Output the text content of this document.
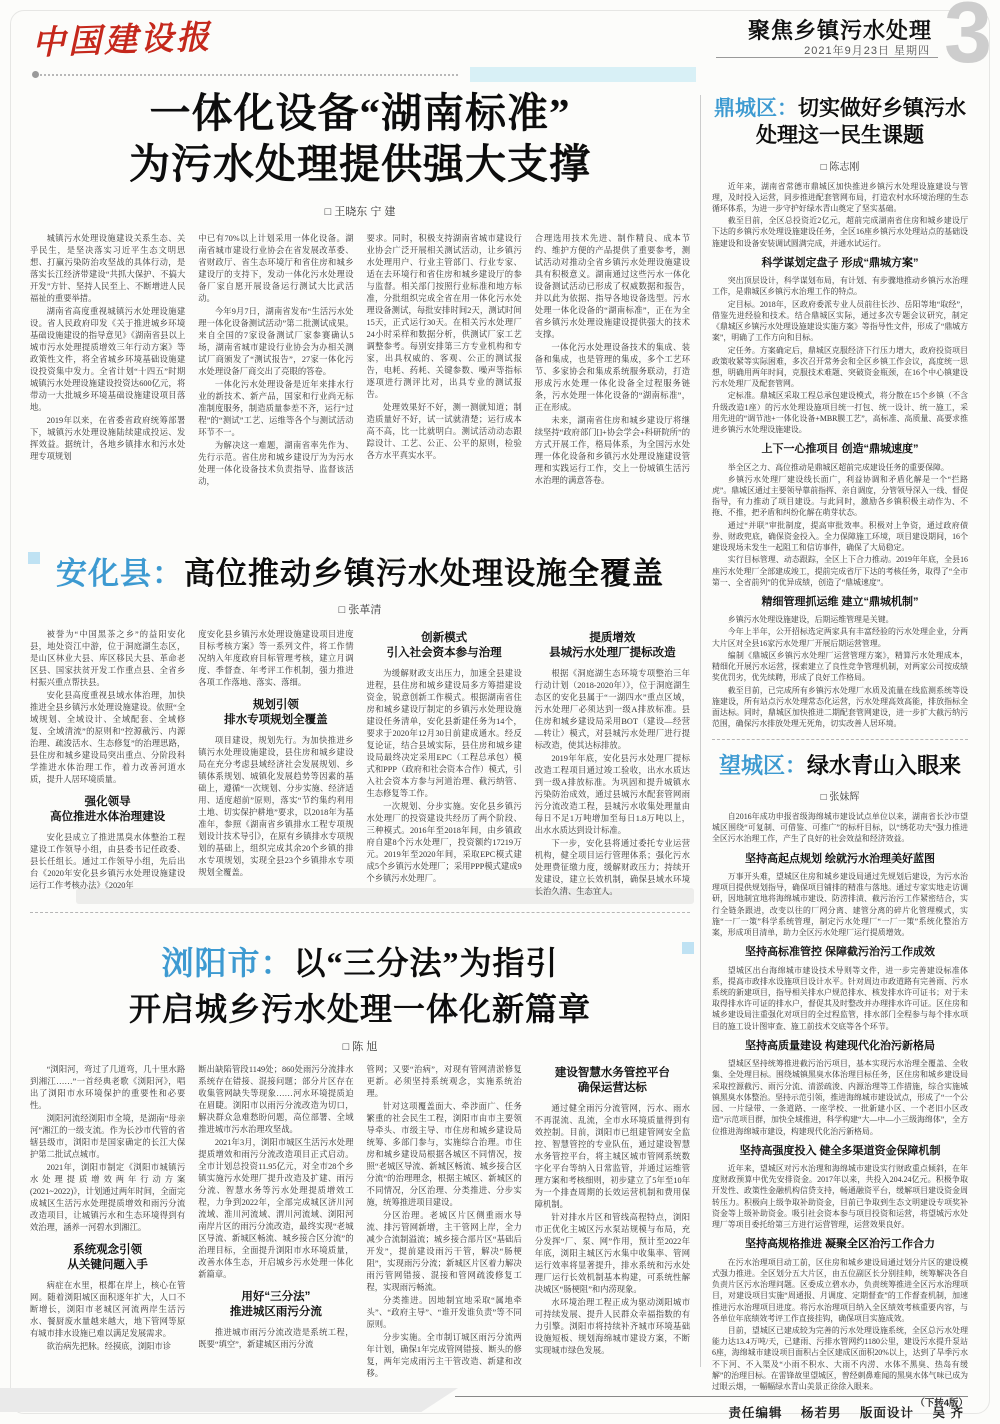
中国建设报	聚焦乡镇污水处理
2021年9月23日 星期四 3
一体化设备“湖南标准”
为污水处理提供强大支撑
□ 王晓东 宁 建

城镇污水处理设施建设关系生态、关乎民生，是坚决落实习近平生态文明思想、打赢污染防治攻坚战的具体行动，是落实长江经济带建设“共抓大保护、不搞大开发”方针、坚持人民至上、不断增进人民福祉的重要举措。

湖南省高度重视城镇污水处理设施建设。省人民政府印发《关于推进城乡环境基础设施建设的指导意见》《湖南省县以上城市污水处理提质增效三年行动方案》等政策性文件，将全省城乡环境基础设施建设投资集中发力。全省计划“十四五”时期城镇污水处理设施建设投资达600亿元，将带动一大批城乡环境基础设施建设项目落地。

2019年以来，在省委省政府统筹部署下，城镇污水处理设施陆续建成投运、发挥效益。据统计，各地乡镇排水和污水处理专项规划

中已有70%以上计划采用一体化设备。湖南省城市建设行业协会在省发展改革委、省财政厅、省生态环境厅和省住房和城乡建设厅的支持下，发动一体化污水处理设备厂家自愿开展设备运行测试大比武活动。

今年9月7日，湖南省发布“生活污水处理一体化设备测试活动”第二批测试成果。来自全国的7家设备测试厂家参赛确认5场，湖南省城市建设行业协会为办相关测试厂商颁发了“测试报告”，27家一体化污水处理设备厂商交出了亮眼的答卷。

一体化污水处理设备是近年来排水行业的新技术、新产品，国家和行业尚无标准制度服务，制造质量参差不齐，运行“过程”的“测试”工艺、运维等各个与测试活动环节不一。

为解决这一难题，湖南省率先作为、先行示范。省住房和城乡建设厅为为污水处理一体化设备技术负责指导、监督该活动，

要求。同时，积极支持湖南省城市建设行业协会广泛开展相关测试活动，让乡镇污水处理用户、行业主管部门、行业专家、适在去环境行和省住房和城乡建设厅的参与监督。相关部门按照行业标准和地方标准，分批组织完成全省在用一体化污水处理设备测试，每批安排时间2天，测试时间15天，正式运行30天。在相关污水处理厂24小时采样和数据分析，供测试厂家工艺调整参考。每别安排第三方专业机构和专家，出具权威的、客观、公正的测试报告，电耗、药耗、关键参数、噪声等指标逐项进行测评比对，出具专业的测试报告。

处理效果好不好，测一测就知道；制造质量好不好，试一试就清楚；运行成本高不高，比一比就明白。测试活动动态跟踪设计、工艺、公正、公平的原则，检验各方水平真实水平。

合理选用技术先进、制作精良、成本节约、维护方便的产品提供了重要参考，测试活动对推动全省乡镇污水处理设施建设具有积极意义。湖南通过这些污水一体化设备测试活动已形成了权威数据和报告，并以此为依据、指导各地设备选型。污水处理一体化设备的“湖南标准”，正在为全省乡镇污水处理设施建设提供强大的技术支撑。

一体化污水处理设备技术的集成、装备和集成，也是管理的集成，多个工艺环节、多家协会和集成系统服务联动，打造形成污水处理一体化设备全过程服务链条，污水处理一体化设备的“湖南标准”，正在形成。

未来，湖南省住房和城乡建设厅将继续坚持“政府部门[]+协会学会+科研院所”的方式开展工作，格局体系，为全国污水处理一体化设备和乡镇污水处理设施建设管理和实践运行工作，交上一份城镇生活污水治理的满意答卷。

安化县：高位推动乡镇污水处理设施全覆盖
□ 张革清

被誉为“中国黑茶之乡”的益阳安化县，地处资江中游，位于洞庭湖生态区，是山区林业大县、库区移民大县、革命老区县、国家扶贫开发工作重点县、全省乡村振兴重点帮扶县。

安化县高度重视县域水体治理，加快推进全县乡镇污水处理设施建设。依照“全域规划、全域设计、全域配套、全域修复、全域清流”的原则和“控源截污、内源治理、疏浚活水、生态修复”的治理思路，县住房和城乡建设局突出重点、分阶段科学推进水体治理工作，着力改善河道水质，提升人居环境质量。

强化领导
高位推进水体治理建设

安化县成立了推进黑臭水体整治工程建设工作领导小组，由县委书记任政委、县长任组长。通过工作领导小组，先后出台《2020年安化县乡镇污水处理设施建设运行工作考核办法》《2020年

度安化县乡镇污水处理设施建设项目进度目标考核方案》等一系列文件，将工作情况纳入年度政府目标管理考核，建立月调度、季督查、年考评工作机制，强力推进各项工作落地、落实、落细。

规划引领
排水专项规划全覆盖

项目建设，规划先行。为加快推进乡镇污水处理设施建设，县住房和城乡建设局在充分考虑县域经济社会发展规划、乡镇体系规划、城镇化发展趋势等因素的基础上，遵循“一次规划、分步实施、经济适用、适度超前”原则，落实“节约集约利用土地、切实保护耕地”要求，以2018年为基准年，参照《湖南省乡镇排水工程专项规划设计技术导引》，在原有乡镇排水专项规划的基础上，组织完成其余20个乡镇的排水专项规划，实现全县23个乡镇排水专项规划全覆盖。

创新模式
引入社会资本参与治理

为缓解财政支出压力，加速全县建设进程，县住房和城乡建设局多方筹措建设资金，锐意创新工作模式。根据湖南省住房和城乡建设厅制定的乡镇污水处理设施建设任务清单，安化县新建任务为14个，要求于2020年12月30日前建成通水。经反复论证，结合县域实际，县住房和城乡建设局最终决定采用EPC（工程总承包）模式和PPP（政府和社会资本合作）模式，引入社会资本方参与河道治理、截污纳管、生态修复等工作。

一次规划、分步实施。安化县乡镇污水处理厂的投资建设共经历了两个阶段、三种模式。2016年至2018年间，由乡镇政府自建8个污水处理厂，投资额约17219万元。2019年至2020年间，采取EPC模式建成5个乡镇污水处理厂；采用PPP模式建成9个乡镇污水处理厂。

提质增效
县城污水处理厂提标改造

根据《洞庭湖生态环境专项整治三年行动计划（2018-2020年）》，位于洞庭湖生态区的安化县属于“一湖四水”重点区域，污水处理厂必须达到一级A排放标准。县住房和城乡建设局采用BOT（建设—经营—转让）模式，对县城污水处理厂进行提标改造，使其达标排放。

2019年年底，安化县污水处理厂提标改造工程项目通过竣工验收，出水水质达到一级A排放标准。为巩固和提升城镇水污染防治成效，通过县城污水配套管网雨污分流改造工程，县城污水收集处理量由每日不足1万吨增加至每日1.8万吨以上，出水水质达到设计标准。

下一步，安化县将通过委托专业运营机构，健全项目运行管理体系；强化污水处理费征缴力度，缓解财政压力；持续开发建设，建立长效机制，确保县域水环境长治久清、生态宜人。

浏阳市：以“三分法”为指引
开启城乡污水处理一体化新篇章
□ 陈 旭

“浏阳河，弯过了几道弯，几十里水路到湘江……”一首经典老歌《浏阳河》，唱出了浏阳市水环境保护的重要性和必要性。

浏阳河流经浏阳市全境，是湖南“母亲河”湘江的一级支流。作为长沙市代管的省辖县级市，浏阳市是国家确定的长江大保护第二批试点城市。

2021年，浏阳市制定《浏阳市城镇污水处理提质增效两年行动方案(2021~2022)》，计划通过两年时间，全面完成城区生活污水处理提质增效和雨污分流改造项目，让城镇污水和生态环境得到有效治理，涵养一河碧水到湘江。

系统观念引领
从关键问题入手

病症在水里，根都在岸上，核心在管网。随着浏阳城区面积逐年扩大，人口不断增长，浏阳市老城区河流两岸生活污水、餐厨废水量越来越大，地下管网等原有城市排水设施已难以满足发展需求。

欲治病先把脉。经摸底，浏阳市诊

断出缺陷管段1149处；860处雨污分流排水系统存在错接、混接问题；部分片区存在收集管网缺失等现象……河水环境提质迫在眉睫。浏阳市以雨污分流改造为切口，解决群众急难愁盼问题，高位部署、全域推进城市污水治理攻坚战。

2021年3月，浏阳市城区生活污水处理提质增效和雨污分流改造项目正式启动。全市计划总投资11.95亿元，对全市28个乡镇实施污水处理厂提升改造及扩建、雨污分流、智慧水务等污水处理提质增效工程，力争到2022年，全部完成城区济川河流域、淮川河流域、渭川河流域、浏阳河南岸片区的雨污分流改造，最终实现“老城区导流、新城区畅流、城乡接合区分流”的治理目标，全面提升浏阳市水环境质量，改善水体生态，开启城乡污水处理一体化新篇章。

用好“三分法”
推进城区雨污分流

推进城市雨污分流改造是系统工程，既要“填空”，新建城区雨污分流

管网；又要“治病”，对现有管网清淤修复更新。必须坚持系统观念，实施系统治理。

针对这项覆盖面大、牵涉面广、任务繁重的社会民生工程，浏阳市由市主要领导牵头、市级主导、市住房和城乡建设局统筹、多部门参与，实施综合治理。市住房和城乡建设局根据各城区不同情况，按照“老城区导流、新城区畅流、城乡接合区分流”的治理理念，根据主城区、新城区的不同情况，分区治理、分类推进、分步实施，统筹推进项目建设。

分区治理。老城区片区侧重雨水导流、排污管网新增，主干管网上岸，全力减少合流制溢流；城乡接合部片区“基础后开发”，提前建设雨污干管，解决“肠梗阻”，实现雨污分流；新城区片区着力解决雨污管网错接、混接和管网疏浚修复工程，实现雨污畅流。

分类推进。因地制宜地采取“属地牵头”、“政府主导”、“谁开发谁负责”等不同原则。

分步实施。全市制订城区雨污分流两年计划，确保1年完成管网错接、断头的修复，两年完成雨污主干管改造、新建和改移。

建设智慧水务管控平台
确保运营达标

通过健全雨污分流管网，污水、雨水不再混流、乱流，全市水环境质量得到有效控制。目前，浏阳市已组建管网安全监控、智慧管控的专业队伍，通过建设智慧水务管控平台，将主城区城市管网系统数字化平台等纳入日常监管，并通过运维管理方案和考核细则，初步建立了5年至10年为一个排查周期的长效运营机制和费用保障机制。

针对排水片区和管线高程特点，浏阳市正优化主城区污水泵站规模与布局，充分发挥“厂、泵、网”作用，预计至2022年年底，浏阳主城区污水集中收集率、管网运行效率将显著提升，排水系统和污水处理厂运行长效机制基本构建，可系统性解决城区“肠梗阻”和内涝现象。

水环境治理工程正成为驱动浏阳城市可持续发展、提升人民群众幸福指数的有力引擎。浏阳市将持续补齐城市环境基础设施短板、规划海绵城市建设方案，不断实现城市绿色发展。

鼎城区：切实做好乡镇污水
处理这一民生课题
□ 陈志刚

近年来，湖南省常德市鼎城区加快推进乡镇污水处理设施建设与管理，及时投入运营，同步推进配套管网布局，打造农村水环境治理的生态循环体系，为进一步守护好绿水青山奠定了坚实基础。

截至目前，全区总投资近2亿元，超前完成湖南省住房和城乡建设厅下达的乡镇污水处理设施建设任务，全区16座乡镇污水处理站点的基础设施建设和设备安装调试圆满完成，并通水试运行。

科学谋划定盘子 形成“鼎城方案”

突出顶层设计，科学谋划布局，有计划、有步骤地推动乡镇污水治理工作，是鼎城区乡镇污水治理工作的特点。

定目标。2018年，区政府委派专业人员前往长沙、岳阳等地“取经”，借鉴先进经验和技术。结合鼎城区实际，通过多次专题会议研究，制定《鼎城区乡镇污水处理设施建设实施方案》等指导性文件，形成了“鼎城方案”，明确了工作方向和目标。

定任务。方案确定后，鼎城区克服经济下行压力增大，政府投资项目政策收紧等实际困难，多次召开常务会和全区乡镇工作会议，高度统一思想，明确用两年时间，克服技术难题、突破资金瓶颈，在16个中心镇建设污水处理厂及配套管网。

定标准。鼎城区采取工程总承包建设模式，将分散在15个乡镇（不含升级改造1座）的污水处理设施项目统一打包、统一设计、统一施工，采用先进的“调节池+一体化设备+MBR膜工艺”，高标准、高质量、高要求推进乡镇污水处理设施建设。

上下一心推项目 创造“鼎城速度”

举全区之力、高位推动是鼎城区超前完成建设任务的重要保障。

乡镇污水处理厂建设线长面广，利益协调和矛盾化解是一个“拦路虎”。鼎城区通过主要领导靠前指挥、亲自调度，分管领导深入一线、督促指导，有力推动了项目建设。与此同时，激励各乡镇积极主动作为、不拖、不推，把矛盾和纠纷化解在萌芽状态。

通过“并联”审批制度，提高审批效率。积极对上争资，通过政府债券、财政兜底，确保资金投入。全力保障施工环境，项目建设期间，16个建设现场未发生一起阻工和信访事件，确保了大局稳定。

实行目标管理、动态跟踪，全区上下合力推动。2019年年底，全县16座污水处理厂全部建成竣工，提前完成省厅下达的考核任务，取得了“全市第一、全省前列”的优异成绩，创造了“鼎城速度”。

精细管理抓运维 建立“鼎城机制”

乡镇污水处理设施建设，后期运维管理是关键。

今年上半年，公开招标选定两家具有丰富经验的污水处理企业，分两大片区对全县16家污水处理厂开展后期运营管理。

编制《鼎城区乡镇污水处理厂运营管理方案》，精算污水处理成本，精细化开展污水运营，探索建立了良性竞争管理机制，对两家公司按成绩奖优罚劣，优先续聘，形成了良好工作格局。

截至目前，已完成所有乡镇污水处理厂水质及流量在线监测系统等设施建设，所有站点污水处理常态化运营，污水处理高效高能，排放指标全面达标。同时，鼎城区加快推进二期配套管网建设，进一步扩大截污纳污范围，确保污水排放处理无死角，切实改善人居环境。

望城区：绿水青山入眼来
□ 张妹辉

自2016年成功申报省级海绵城市建设试点单位以来，湖南省长沙市望城区围绕“可复制、可借鉴、可推广”的标杆目标，以“绣花功夫”强力推进全区污水治理工作，产生了良好的社会效益和经济效益。

坚持高起点规划 绘就污水治理美好蓝图

万事开头难，望城区住房和城乡建设局通过先规划后建设，为污水治理项目提供规划指导，确保项目铺排的精准与落地。通过专家实地走访调研，因地制宜地将海绵城市建设、防涝排渍、截污治污工作紧密结合，实行全链条跟进，改变以往的厂网分离、建管分离的碎片化管理模式，实施“一厂一策”科学系统管理，制定污水处理厂“一厂一策”系统化整治方案，形成项目清单，助力全区污水处理厂运行提质增效。

坚持高标准管控 保障截污治污工作成效

望城区出台海绵城市建设技术导则等文件，进一步完善建设标准体系，提高市政排水设施项目设计水平。针对周边市政道路有完善雨、污水系统的新建项目，指导相关排水户规范排水、核发排水许可证书；对于未取得排水许可证的排水户，督促其及时整改并办理排水许可证。区住房和城乡建设局注重强化对项目的全过程监管，排水部门全程参与每个排水项目的施工设计图审查、施工前技术交底等各个环节。

坚持高质量建设 构建现代化治污新格局

望城区坚持统筹推进截污治污项目，基本实现污水治理全覆盖、全收集、全处理目标。围绕城镇黑臭水体治理目标任务，区住房和城乡建设局采取控源截污、雨污分流、清淤疏浚、内源治理等工作措施，综合实施城镇黑臭水体整治。坚持示范引领，推进海绵城市建设试点，形成了“一个公园、一片绿带、一条道路、一座学校、一批新建小区、一个老旧小区改造”示范项目群，加快全域推进，科学构建“大—中—小三级海绵体”，全方位推进海绵城市建设，构建现代化治污新格局。

坚持高强度投入 健全多渠道资金保障机制

近年来，望城区对污水治理和海绵城市建设实行财政重点倾斜，在年度财政预算中优先安排资金。2017年以来，共投入204.24亿元。积极争取开发性、政策性金融机构信贷支持，畅通融资平台，缓解项目建设资金周转压力。积极向上级争取补助资金，目前已争取到生态文明建设专项奖补资金等上级补助资金。吸引社会资本参与项目投资和运营，将望城污水处理厂等项目委托给第三方进行运营管理，运营效果良好。

坚持高规格推进 凝聚全区治污工作合力

在污水治理项目动工前，区住房和城乡建设局通过划分片区的建设模式强力推进。全区划分五大片区，由五位副区长分别挂帅，统筹解决各自负责片区污水治理问题。区委成立碧水办，负责统筹推进全区污水治理项目，对建设项目实施“周通报、月调度、定期督查”的工作督查机制，加速推进污水治理项目进度。将污水治理项目纳入全区绩效考核重要内容，与各单位年底绩效考评工作直接挂钩，确保项目实施成效。

目前，望城区已建成较为完善的污水处理设施系统，全区总污水处理能力达13.4万吨/天，已建雨、污排水管网约1180公里，建设污水提升泵站6座，海绵城市建设项目面积占全区建成区面积20%以上，达到了旱季污水不下河、不入渠及“小雨不积水、大雨不内涝、水体不黑臭、热岛有缓解”的治理目标。在雷锋故里望城区，曾经刺鼻难闻的黑臭水体气味已成为过眼云烟，一幅幅绿水青山美景正徐徐入眼来。

（下转4版）
责任编辑 杨若男 版面设计 吴 齐
